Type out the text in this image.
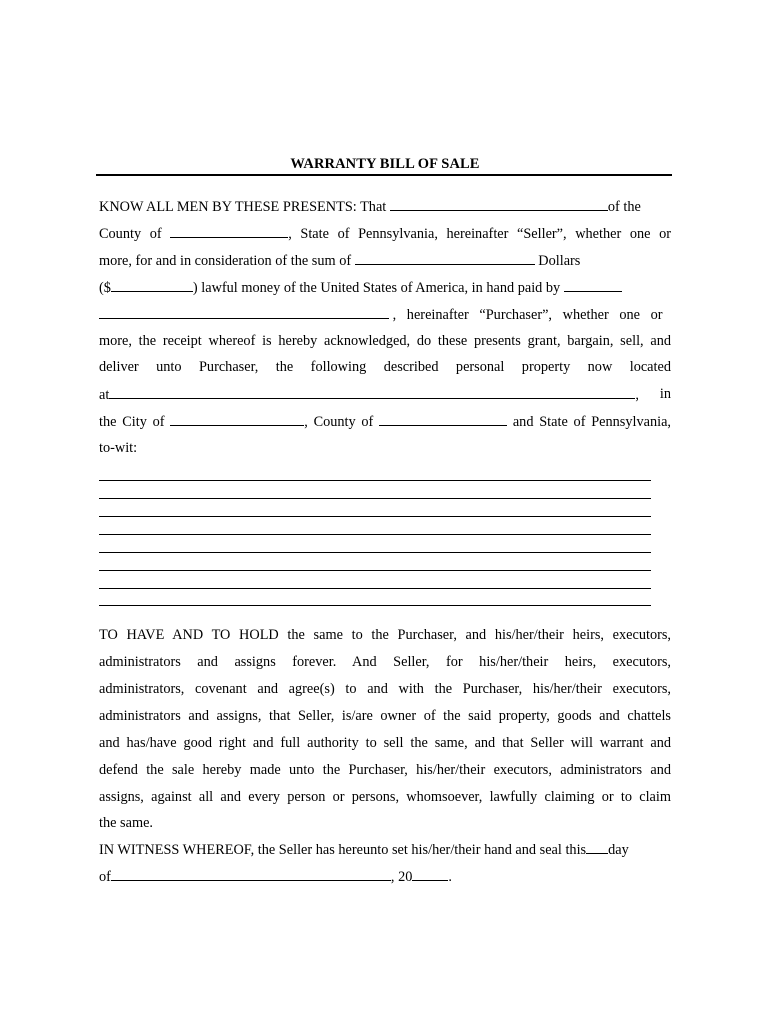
WARRANTY BILL OF SALE
KNOW ALL MEN BY THESE PRESENTS: That	of the
County of	, State of Pennsylvania, hereinafter “Seller”, whether one or
more, for and in consideration of the sum of	Dollars
($	) lawful money of the United States of America, in hand paid by
, hereinafter “Purchaser”, whether one or
more, the receipt whereof is hereby acknowledged, do these presents grant, bargain, sell, and
deliver unto Purchaser, the following described personal property now located
at	, in
the City of	, County of	and State of Pennsylvania,
to-wit:
TO HAVE AND TO HOLD the same to the Purchaser, and his/her/their heirs, executors,
administrators and assigns forever. And Seller, for his/her/their heirs, executors,
administrators, covenant and agree(s) to and with the Purchaser, his/her/their executors,
administrators and assigns, that Seller, is/are owner of the said property, goods and chattels
and has/have good right and full authority to sell the same, and that Seller will warrant and
defend the sale hereby made unto the Purchaser, his/her/their executors, administrators and
assigns, against all and every person or persons, whomsoever, lawfully claiming or to claim
the same.
IN WITNESS WHEREOF, the Seller has hereunto set his/her/their hand and seal this day
of	, 20	.
